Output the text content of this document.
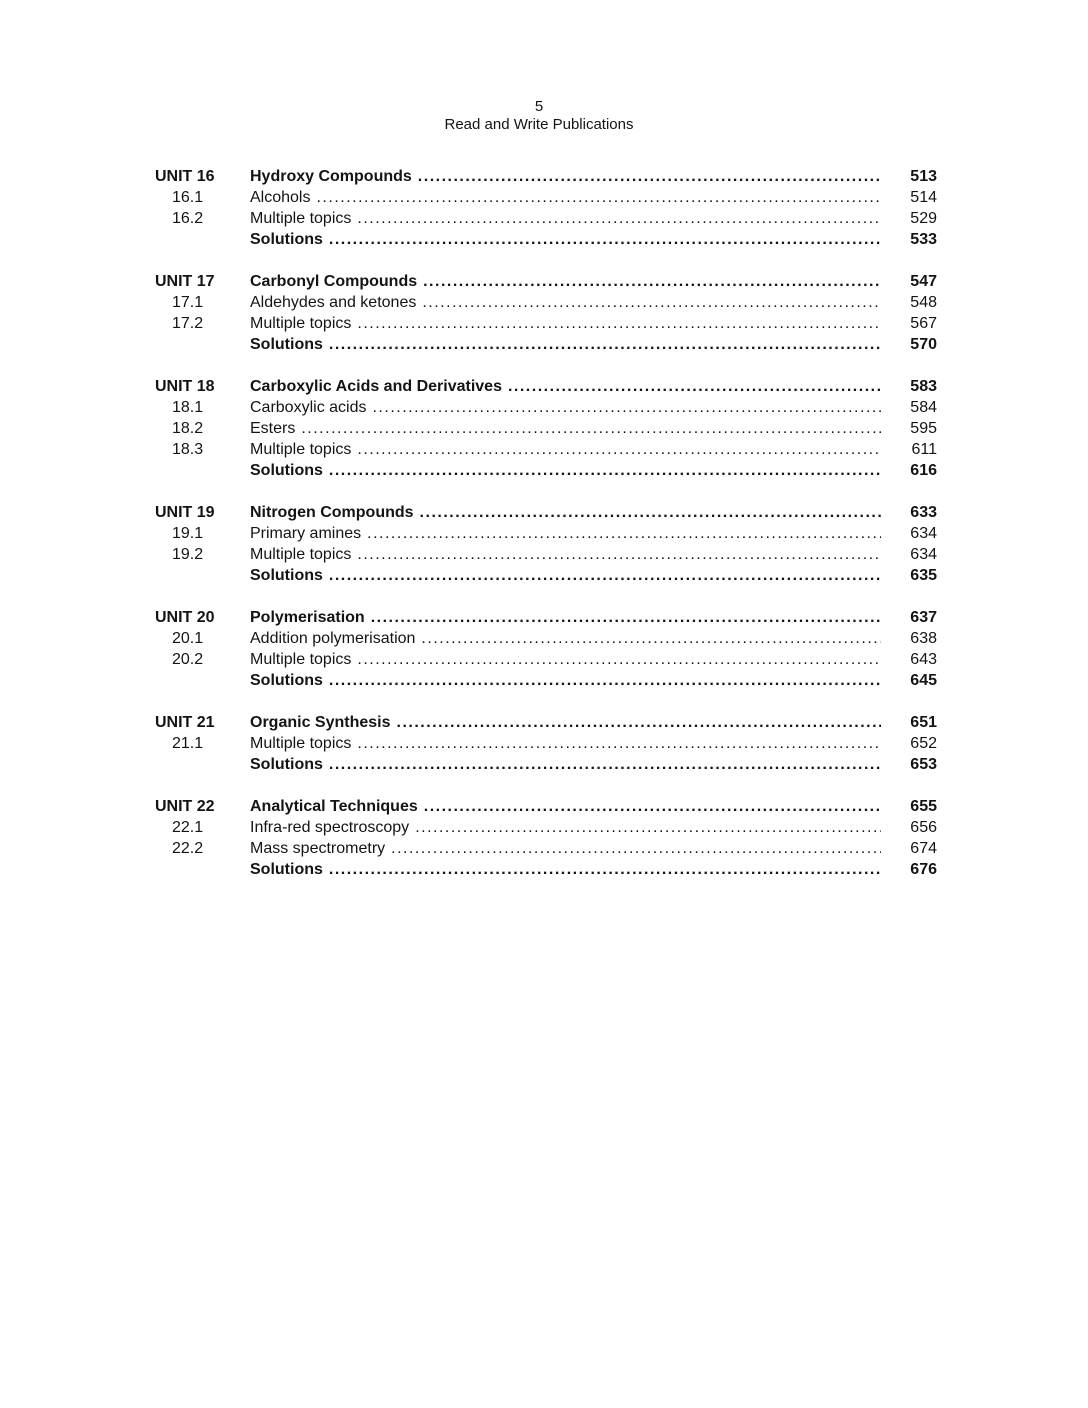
5
Read and Write Publications
UNIT 16	Hydroxy Compounds .....	513
16.1	Alcohols .....	514
16.2	Multiple topics .....	529
Solutions .....	533
UNIT 17	Carbonyl Compounds .....	547
17.1	Aldehydes and ketones .....	548
17.2	Multiple topics .....	567
Solutions .....	570
UNIT 18	Carboxylic Acids and Derivatives .....	583
18.1	Carboxylic acids .....	584
18.2	Esters .....	595
18.3	Multiple topics .....	611
Solutions .....	616
UNIT 19	Nitrogen Compounds .....	633
19.1	Primary amines .....	634
19.2	Multiple topics .....	634
Solutions .....	635
UNIT 20	Polymerisation .....	637
20.1	Addition polymerisation .....	638
20.2	Multiple topics .....	643
Solutions .....	645
UNIT 21	Organic Synthesis .....	651
21.1	Multiple topics .....	652
Solutions .....	653
UNIT 22	Analytical Techniques .....	655
22.1	Infra-red spectroscopy .....	656
22.2	Mass spectrometry .....	674
Solutions .....	676
